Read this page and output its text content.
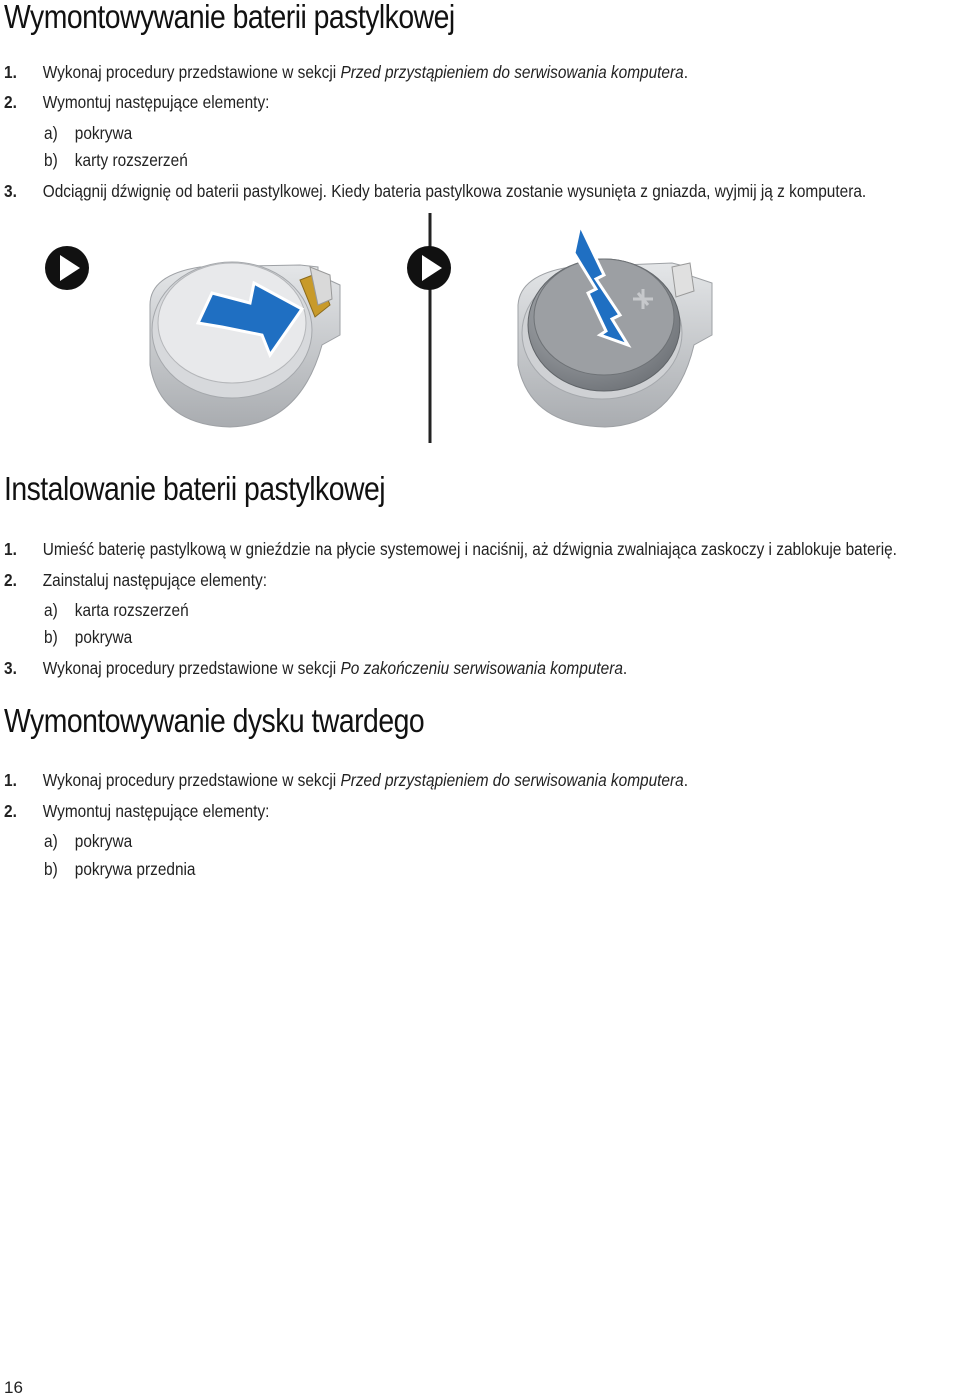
Wymontowywanie baterii pastylkowej
1. Wykonaj procedury przedstawione w sekcji Przed przystąpieniem do serwisowania komputera.
2. Wymontuj następujące elementy:
a) pokrywa
b) karty rozszerzeń
3. Odciągnij dźwignię od baterii pastylkowej. Kiedy bateria pastylkowa zostanie wysunięta z gniazda, wyjmij ją z komputera.
Instalowanie baterii pastylkowej
1. Umieść baterię pastylkową w gnieździe na płycie systemowej i naciśnij, aż dźwignia zwalniająca zaskoczy i zablokuje baterię.
2. Zainstaluj następujące elementy:
a) karta rozszerzeń
b) pokrywa
3. Wykonaj procedury przedstawione w sekcji Po zakończeniu serwisowania komputera.
Wymontowywanie dysku twardego
1. Wykonaj procedury przedstawione w sekcji Przed przystąpieniem do serwisowania komputera.
2. Wymontuj następujące elementy:
a) pokrywa
b) pokrywa przednia
16
